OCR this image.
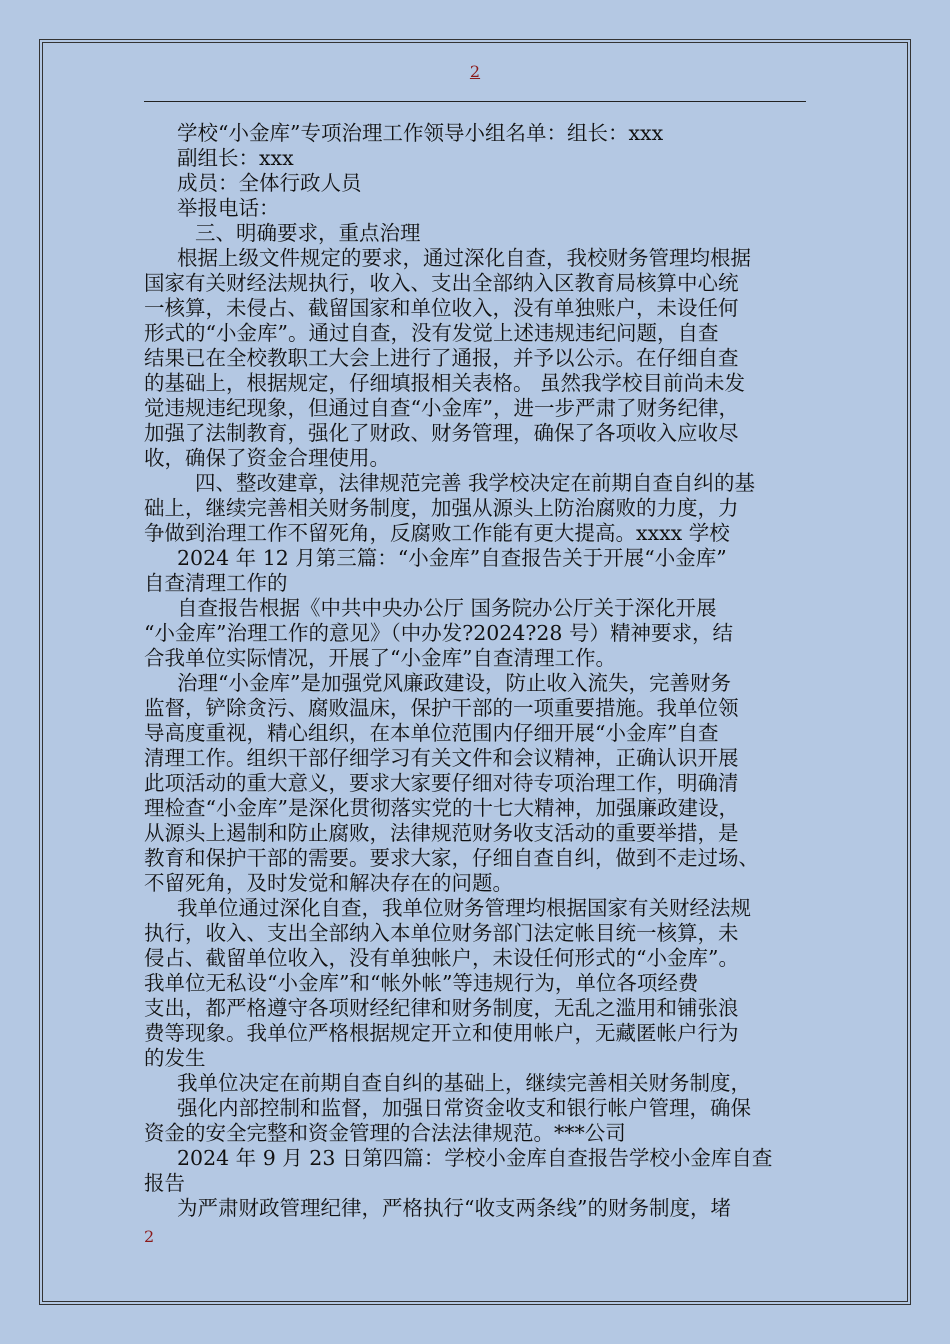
2

学校“小金库”专项治理工作领导小组名单：组长：xxx

副组长：xxx

成员：全体行政人员

举报电话：

三、明确要求，重点治理

根据上级文件规定的要求，通过深化自查，我校财务管理均根据

国家有关财经法规执行，收入、支出全部纳入区教育局核算中心统

一核算，未侵占、截留国家和单位收入，没有单独账户，未设任何

形式的“小金库”。通过自查，没有发觉上述违规违纪问题，自查

结果已在全校教职工大会上进行了通报，并予以公示。在仔细自查

的基础上，根据规定，仔细填报相关表格。 虽然我学校目前尚未发

觉违规违纪现象，但通过自查“小金库”，进一步严肃了财务纪律，

加强了法制教育，强化了财政、财务管理，确保了各项收入应收尽

收，确保了资金合理使用。

四、整改建章，法律规范完善 我学校决定在前期自查自纠的基

础上，继续完善相关财务制度，加强从源头上防治腐败的力度，力

争做到治理工作不留死角，反腐败工作能有更大提高。xxxx 学校

2024 年 12 月第三篇：“小金库”自查报告关于开展“小金库”

自查清理工作的

自查报告根据《中共中央办公厅 国务院办公厅关于深化开展

“小金库”治理工作的意见》（中办发?2024?28 号）精神要求，结

合我单位实际情况，开展了“小金库”自查清理工作。

治理“小金库”是加强党风廉政建设，防止收入流失，完善财务

监督，铲除贪污、腐败温床，保护干部的一项重要措施。我单位领

导高度重视，精心组织，在本单位范围内仔细开展“小金库”自查

清理工作。组织干部仔细学习有关文件和会议精神，正确认识开展

此项活动的重大意义，要求大家要仔细对待专项治理工作，明确清

理检查“小金库”是深化贯彻落实党的十七大精神，加强廉政建设，

从源头上遏制和防止腐败，法律规范财务收支活动的重要举措，是

教育和保护干部的需要。要求大家，仔细自查自纠，做到不走过场、

不留死角，及时发觉和解决存在的问题。

我单位通过深化自查，我单位财务管理均根据国家有关财经法规

执行，收入、支出全部纳入本单位财务部门法定帐目统一核算，未

侵占、截留单位收入，没有单独帐户，未设任何形式的“小金库”。

我单位无私设“小金库”和“帐外帐”等违规行为，单位各项经费

支出，都严格遵守各项财经纪律和财务制度，无乱之滥用和铺张浪

费等现象。我单位严格根据规定开立和使用帐户，无藏匿帐户行为

的发生

我单位决定在前期自查自纠的基础上，继续完善相关财务制度，

强化内部控制和监督，加强日常资金收支和银行帐户管理，确保

资金的安全完整和资金管理的合法法律规范。***公司

2024 年 9 月 23 日第四篇：学校小金库自查报告学校小金库自查

报告

为严肃财政管理纪律，严格执行“收支两条线”的财务制度，堵

2
